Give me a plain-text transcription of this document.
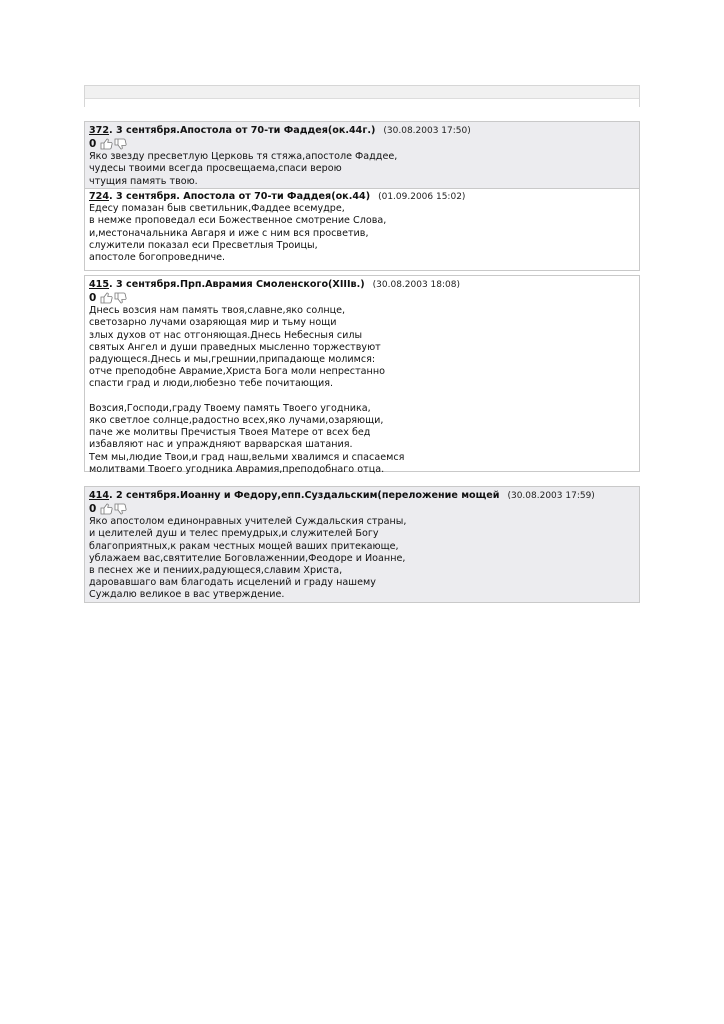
372. 3 сентября.Апостола от 70-ти Фаддея(ок.44г.) (30.08.2003 17:50)
0
Яко звезду пресветлую Церковь тя стяжа,апостоле Фаддее,
чудесы твоими всегда просвещаема,спаси верою
чтущия память твою.
724. 3 сентября. Апостола от 70-ти Фаддея(ок.44) (01.09.2006 15:02)
Едесу помазан быв светильник,Фаддее всемудре,
в немже проповедал еси Божественное смотрение Слова,
и,местоначальника Авгаря и иже с ним вся просветив,
служители показал еси Пресветлыя Троицы,
апостоле богопроведниче.
415. 3 сентября.Прп.Аврамия Смоленского(XIIIв.) (30.08.2003 18:08)
0
Днесь возсия нам память твоя,славне,яко солнце,
светозарно лучами озаряющая мир и тьму нощи
злых духов от нас отгоняющая.Днесь Небесныя силы
святых Ангел и души праведных мысленно торжествуют
радующеся.Днесь и мы,грешнии,припадающе молимся:
отче преподобне Аврамие,Христа Бога моли непрестанно
спасти град и люди,любезно тебе почитающия.

Возсия,Господи,граду Твоему память Твоего угодника,
яко светлое солнце,радостно всех,яко лучами,озаряющи,
паче же молитвы Пречистыя Твоея Матере от всех бед
избавляют нас и упраждняют варварская шатания.
Тем мы,людие Твои,и град наш,вельми хвалимся и спасаемся
молитвами Твоего угодника Аврамия,преподобнаго отца.
414. 2 сентября.Иоанну и Федору,епп.Суздальским(переложение мощей (30.08.2003 17:59)
0
Яко апостолом единонравных учителей Суждальския страны,
и целителей душ и телес премудрых,и служителей Богу
благоприятных,к ракам честных мощей ваших притекающе,
ублажаем вас,святителие Боговлаженнии,Феодоре и Иоанне,
в песнех же и пениих,радующеся,славим Христа,
даровавшаго вам благодать исцелений и граду нашему
Суждалю великое в вас утверждение.
